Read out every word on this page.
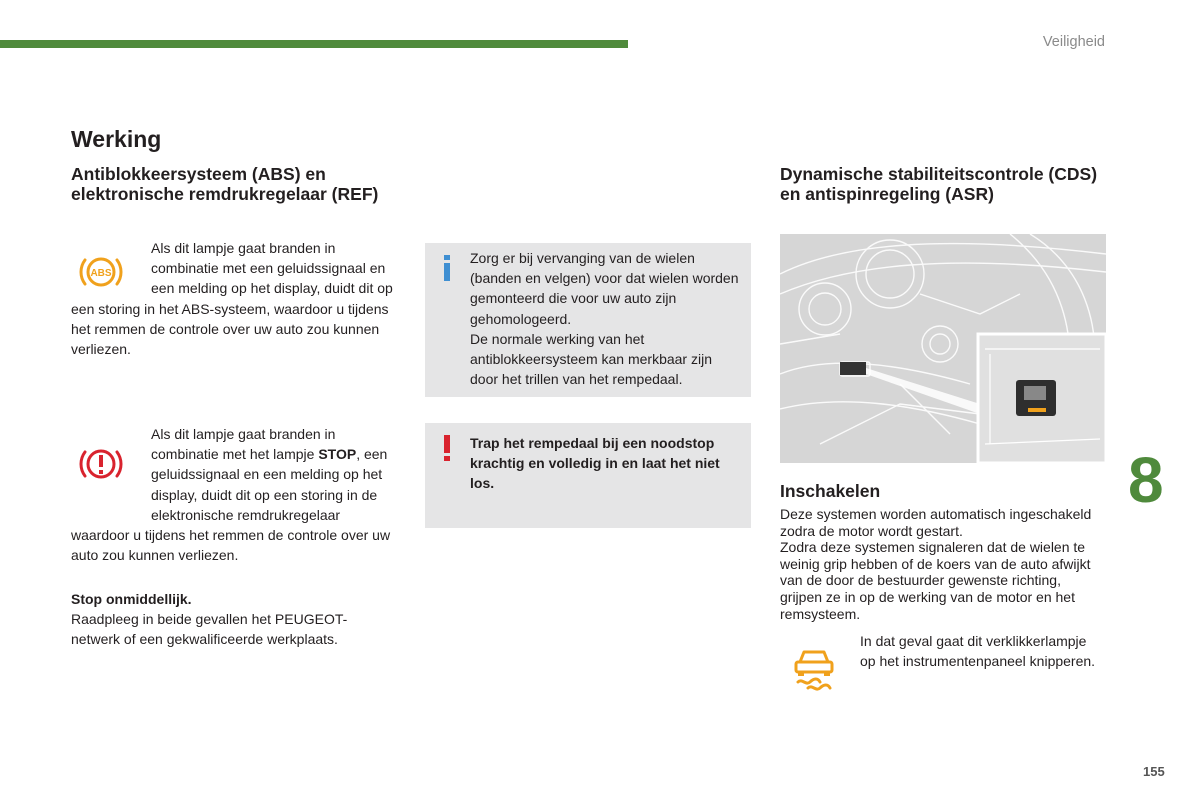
Veiligheid
Werking
Antiblokkeersysteem (ABS) en elektronische remdrukregelaar (REF)
ABS
Als dit lampje gaat branden in combinatie met een geluidssignaal en een melding op het display, duidt dit op een storing in het ABS-systeem, waardoor u tijdens het remmen de controle over uw auto zou kunnen verliezen.
Als dit lampje gaat branden in combinatie met het lampje STOP, een geluidssignaal en een melding op het display, duidt dit op een storing in de elektronische remdrukregelaar waardoor u tijdens het remmen de controle over uw auto zou kunnen verliezen.
Stop onmiddellijk.
Raadpleeg in beide gevallen het PEUGEOT-netwerk of een gekwalificeerde werkplaats.
Zorg er bij vervanging van de wielen (banden en velgen) voor dat wielen worden gemonteerd die voor uw auto zijn gehomologeerd.
De normale werking van het antiblokkeersysteem kan merkbaar zijn door het trillen van het rempedaal.
Trap het rempedaal bij een noodstop krachtig en volledig in en laat het niet los.
Dynamische stabiliteitscontrole (CDS) en antispinregeling (ASR)
Inschakelen
Deze systemen worden automatisch ingeschakeld zodra de motor wordt gestart.
Zodra deze systemen signaleren dat de wielen te weinig grip hebben of de koers van de auto afwijkt van de door de bestuurder gewenste richting, grijpen ze in op de werking van de motor en het remsysteem.
In dat geval gaat dit verklikkerlampje op het instrumentenpaneel knipperen.
8
155
